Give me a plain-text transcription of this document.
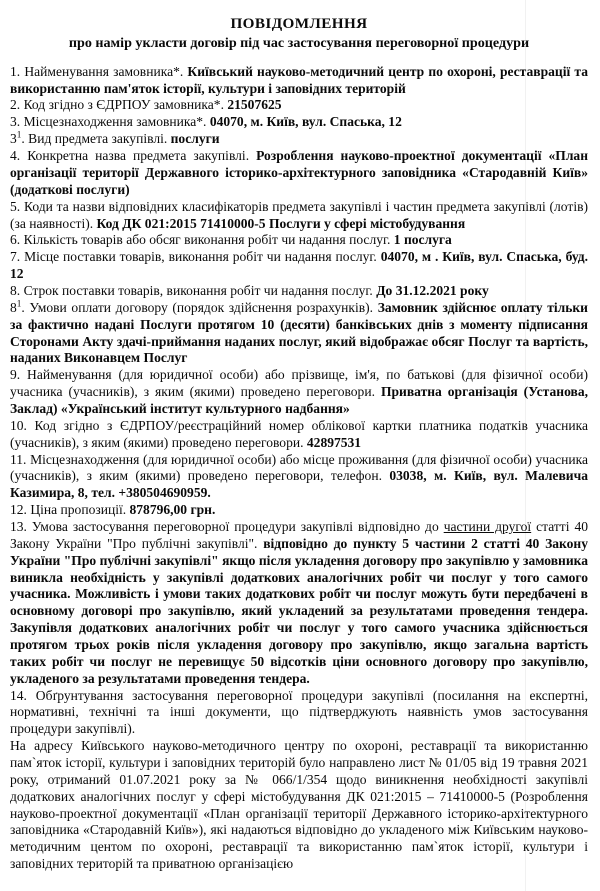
ПОВІДОМЛЕННЯ
про намір укласти договір під час застосування переговорної процедури

1. Найменування замовника*. Київський науково-методичний центр по охороні, реставрації та використанню пам'яток історії, культури і заповідних територій

2. Код згідно з ЄДРПОУ замовника*. 21507625

3. Місцезнаходження замовника*. 04070, м. Київ, вул. Спаська, 12

$3^1$. Вид предмета закупівлі. послуги

4. Конкретна назва предмета закупівлі. Розроблення науково-проектної документації «План організації території Державного історико-архітектурного заповідника «Стародавній Київ» (додаткові послуги)

5. Коди та назви відповідних класифікаторів предмета закупівлі і частин предмета закупівлі (лотів) (за наявності). Код ДК 021:2015 71410000-5 Послуги у сфері містобудування

6. Кількість товарів або обсяг виконання робіт чи надання послуг. 1 послуга

7. Місце поставки товарів, виконання робіт чи надання послуг. 04070, м . Київ, вул. Спаська, буд. 12

8. Строк поставки товарів, виконання робіт чи надання послуг. До 31.12.2021 року

$8^1$. Умови оплати договору (порядок здійснення розрахунків). Замовник здійснює оплату тільки за фактично надані Послуги протягом 10 (десяти) банківських днів з моменту підписання Сторонами Акту здачі-приймання наданих послуг, який відображає обсяг Послуг та вартість, наданих Виконавцем Послуг

9. Найменування (для юридичної особи) або прізвище, ім'я, по батькові (для фізичної особи) учасника (учасників), з яким (якими) проведено переговори. Приватна організація (Установа, Заклад) «Український інститут культурного надбання»

10. Код згідно з ЄДРПОУ/реєстраційний номер облікової картки платника податків учасника (учасників), з яким (якими) проведено переговори. 42897531

11. Місцезнаходження (для юридичної особи) або місце проживання (для фізичної особи) учасника (учасників), з яким (якими) проведено переговори, телефон. 03038, м. Київ, вул. Малевича Казимира, 8, тел. +380504690959.

12. Ціна пропозиції. 878796,00 грн.

13. Умова застосування переговорної процедури закупівлі відповідно до частини другої статті 40 Закону України "Про публічні закупівлі". відповідно до пункту 5 частини 2 статті 40 Закону України "Про публічні закупівлі" якщо після укладення договору про закупівлю у замовника виникла необхідність у закупівлі додаткових аналогічних робіт чи послуг у того самого учасника. Можливість і умови таких додаткових робіт чи послуг можуть бути передбачені в основному договорі про закупівлю, який укладений за результатами проведення тендера. Закупівля додаткових аналогічних робіт чи послуг у того самого учасника здійснюється протягом трьох років після укладення договору про закупівлю, якщо загальна вартість таких робіт чи послуг не перевищує 50 відсотків ціни основного договору про закупівлю, укладеного за результатами проведення тендера.

14. Обґрунтування застосування переговорної процедури закупівлі (посилання на експертні, нормативні, технічні та інші документи, що підтверджують наявність умов застосування процедури закупівлі).

На адресу Київського науково-методичного центру по охороні, реставрації та використанню пам`яток історії, культури і заповідних територій було направлено лист № 01/05 від 19 травня 2021 року, отриманий 01.07.2021 року за № 066/1/354 щодо виникнення необхідності закупівлі додаткових аналогічних послуг у сфері містобудування ДК 021:2015 – 71410000-5 (Розроблення науково-проектної документації «План організації території Державного історико-архітектурного заповідника «Стародавній Київ»), які надаються відповідно до укладеного між Київським науково-методичним центом по охороні, реставрації та використанню пам`яток історії, культури і заповідних територій та приватною організацією
